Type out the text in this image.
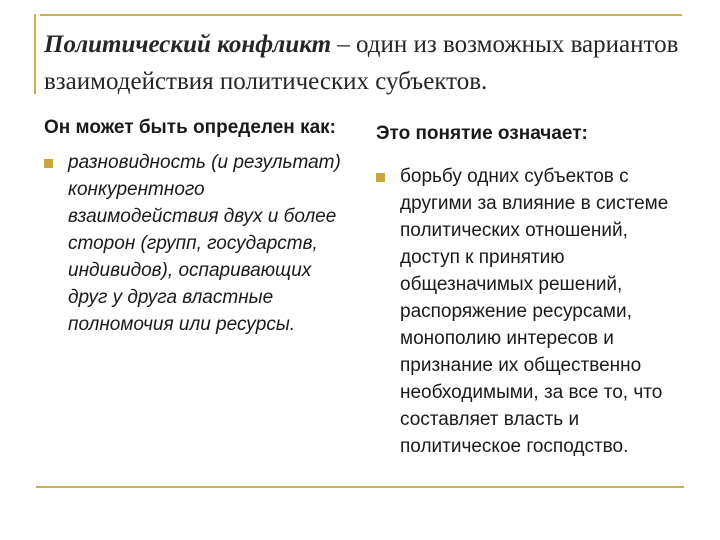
Политический конфликт – один из возможных вариантов взаимодействия политических субъектов.

Он может быть определен как:

разновидность (и результат) конкурентного взаимодействия двух и более сторон (групп, государств, индивидов), оспаривающих друг у друга властные полномочия или ресурсы.

Это понятие означает:

борьбу одних субъектов с другими за влияние в системе политических отношений, доступ к принятию общезначимых решений, распоряжение ресурсами, монополию интересов и признание их общественно необходимыми, за все то, что составляет власть и политическое господство.
